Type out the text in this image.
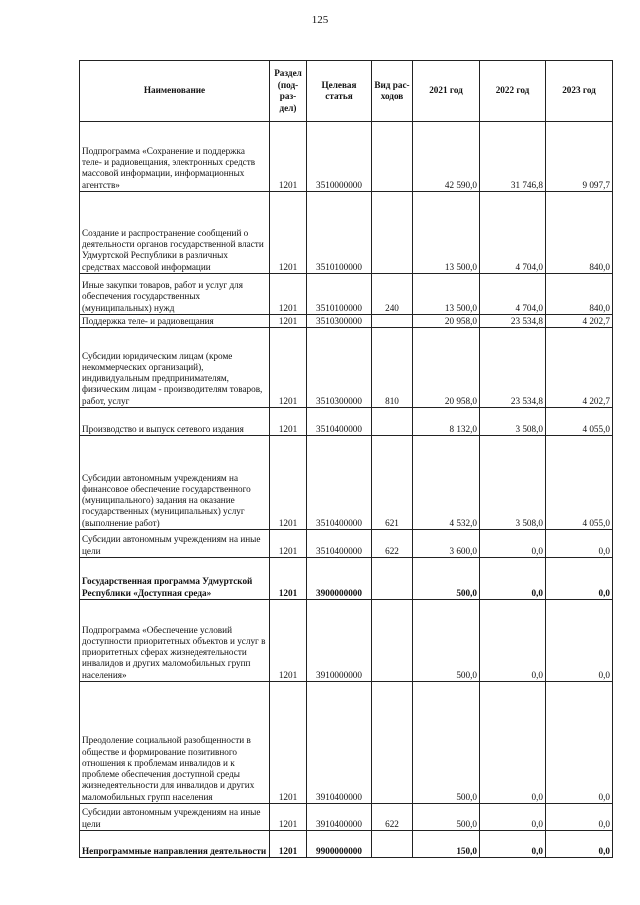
125
Наименование	Раздел (под-раз-дел)	Целевая статья	Вид рас-ходов	2021 год	2022 год	2023 год
Подпрограмма «Сохранение и поддержка теле- и радиовещания, электронных средств массовой информации, информационных агентств»	1201	3510000000		42 590,0	31 746,8	9 097,7
Создание и распространение сообщений о деятельности органов государственной власти Удмуртской Республики в различных средствах массовой информации	1201	3510100000		13 500,0	4 704,0	840,0
Иные закупки товаров, работ и услуг для обеспечения государственных (муниципальных) нужд	1201	3510100000	240	13 500,0	4 704,0	840,0
Поддержка теле- и радиовещания	1201	3510300000		20 958,0	23 534,8	4 202,7
Субсидии юридическим лицам (кроме некоммерческих организаций), индивидуальным предпринимателям, физическим лицам - производителям товаров, работ, услуг	1201	3510300000	810	20 958,0	23 534,8	4 202,7
Производство и выпуск сетевого издания	1201	3510400000		8 132,0	3 508,0	4 055,0
Субсидии автономным учреждениям на финансовое обеспечение государственного (муниципального) задания на оказание государственных (муниципальных) услуг (выполнение работ)	1201	3510400000	621	4 532,0	3 508,0	4 055,0
Субсидии автономным учреждениям на иные цели	1201	3510400000	622	3 600,0	0,0	0,0
Государственная программа Удмуртской Республики «Доступная среда»	1201	3900000000		500,0	0,0	0,0
Подпрограмма «Обеспечение условий доступности приоритетных объектов и услуг в приоритетных сферах жизнедеятельности инвалидов и других маломобильных групп населения»	1201	3910000000		500,0	0,0	0,0
Преодоление социальной разобщенности в обществе и формирование позитивного отношения к проблемам инвалидов и к проблеме обеспечения доступной среды жизнедеятельности для инвалидов и других маломобильных групп населения	1201	3910400000		500,0	0,0	0,0
Субсидии автономным учреждениям на иные цели	1201	3910400000	622	500,0	0,0	0,0
Непрограммные направления деятельности	1201	9900000000		150,0	0,0	0,0
